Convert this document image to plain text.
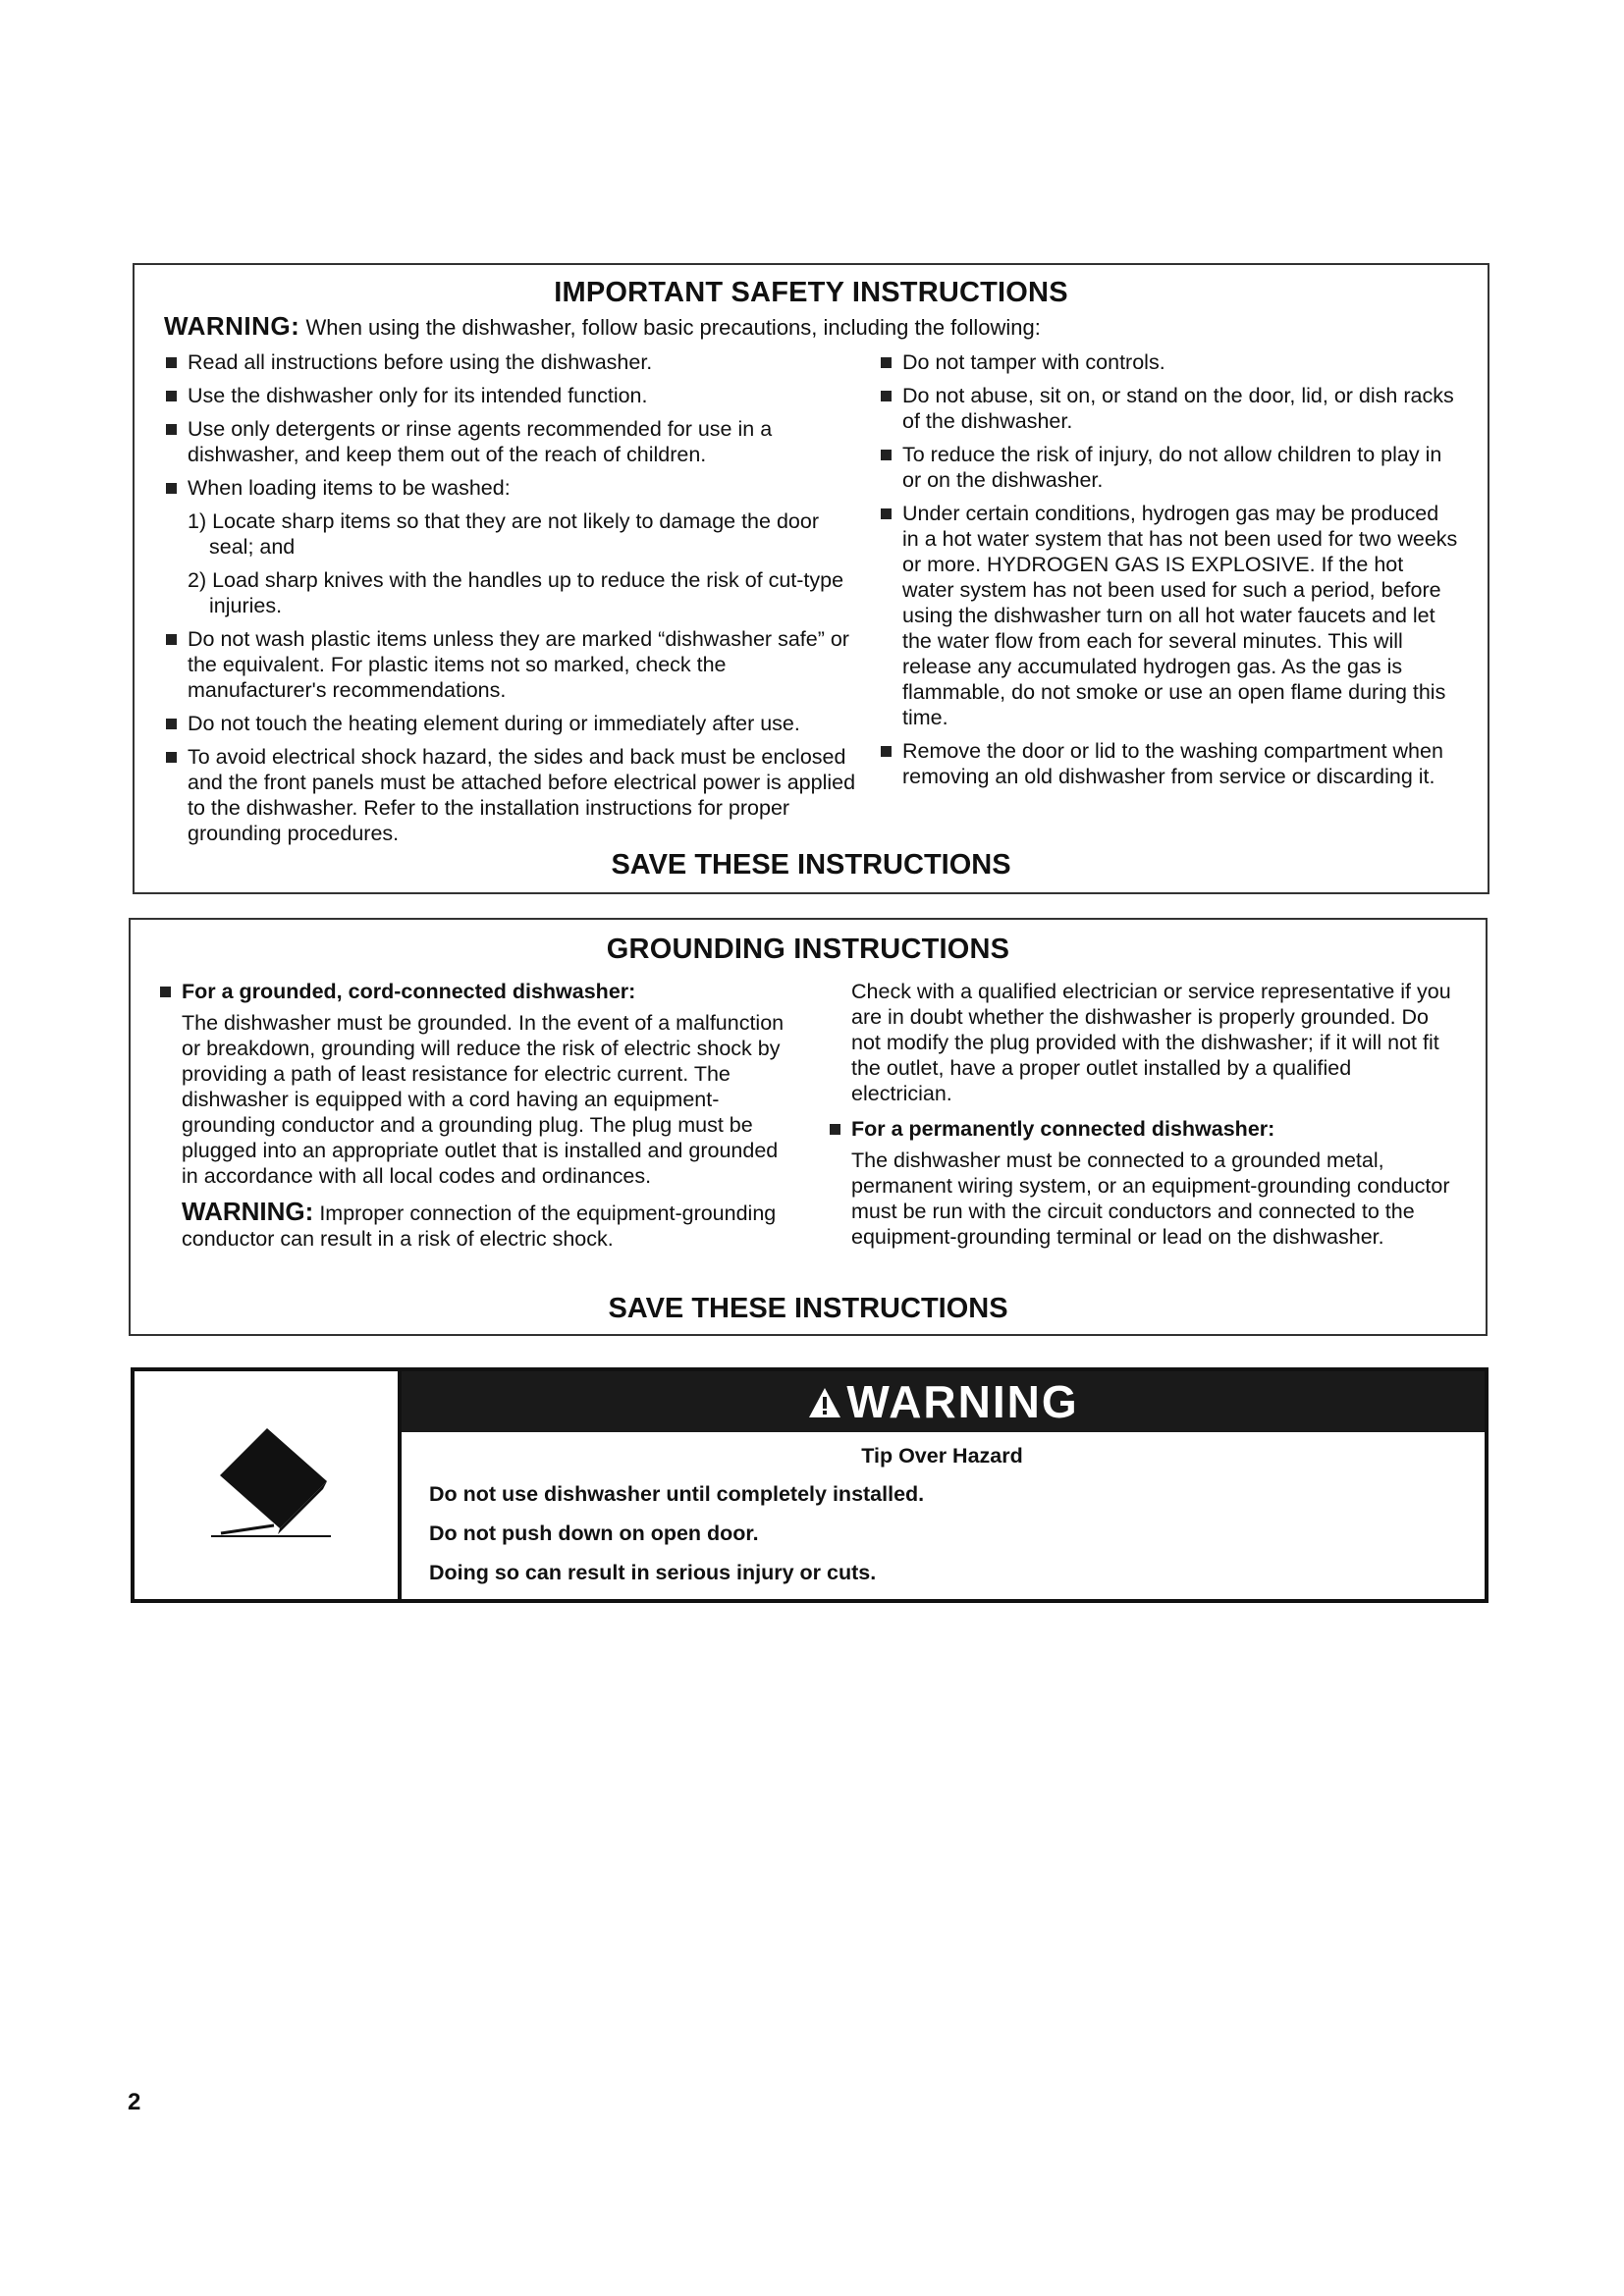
IMPORTANT SAFETY INSTRUCTIONS
WARNING: When using the dishwasher, follow basic precautions, including the following:
Read all instructions before using the dishwasher.
Use the dishwasher only for its intended function.
Use only detergents or rinse agents recommended for use in a dishwasher, and keep them out of the reach of children.
When loading items to be washed:
1) Locate sharp items so that they are not likely to damage the door seal; and
2) Load sharp knives with the handles up to reduce the risk of cut-type injuries.
Do not wash plastic items unless they are marked “dishwasher safe” or the equivalent. For plastic items not so marked, check the manufacturer's recommendations.
Do not touch the heating element during or immediately after use.
To avoid electrical shock hazard, the sides and back must be enclosed and the front panels must be attached before electrical power is applied to the dishwasher. Refer to the installation instructions for proper grounding procedures.
Do not tamper with controls.
Do not abuse, sit on, or stand on the door, lid, or dish racks of the dishwasher.
To reduce the risk of injury, do not allow children to play in or on the dishwasher.
Under certain conditions, hydrogen gas may be produced in a hot water system that has not been used for two weeks or more. HYDROGEN GAS IS EXPLOSIVE. If the hot water system has not been used for such a period, before using the dishwasher turn on all hot water faucets and let the water flow from each for several minutes. This will release any accumulated hydrogen gas. As the gas is flammable, do not smoke or use an open flame during this time.
Remove the door or lid to the washing compartment when removing an old dishwasher from service or discarding it.
SAVE THESE INSTRUCTIONS
GROUNDING INSTRUCTIONS
For a grounded, cord-connected dishwasher:
The dishwasher must be grounded. In the event of a malfunction or breakdown, grounding will reduce the risk of electric shock by providing a path of least resistance for electric current. The dishwasher is equipped with a cord having an equipment-grounding conductor and a grounding plug. The plug must be plugged into an appropriate outlet that is installed and grounded in accordance with all local codes and ordinances.
WARNING: Improper connection of the equipment-grounding conductor can result in a risk of electric shock.
Check with a qualified electrician or service representative if you are in doubt whether the dishwasher is properly grounded. Do not modify the plug provided with the dishwasher; if it will not fit the outlet, have a proper outlet installed by a qualified electrician.
For a permanently connected dishwasher:
The dishwasher must be connected to a grounded metal, permanent wiring system, or an equipment-grounding conductor must be run with the circuit conductors and connected to the equipment-grounding terminal or lead on the dishwasher.
SAVE THESE INSTRUCTIONS
WARNING
Tip Over Hazard
Do not use dishwasher until completely installed.
Do not push down on open door.
Doing so can result in serious injury or cuts.
2
